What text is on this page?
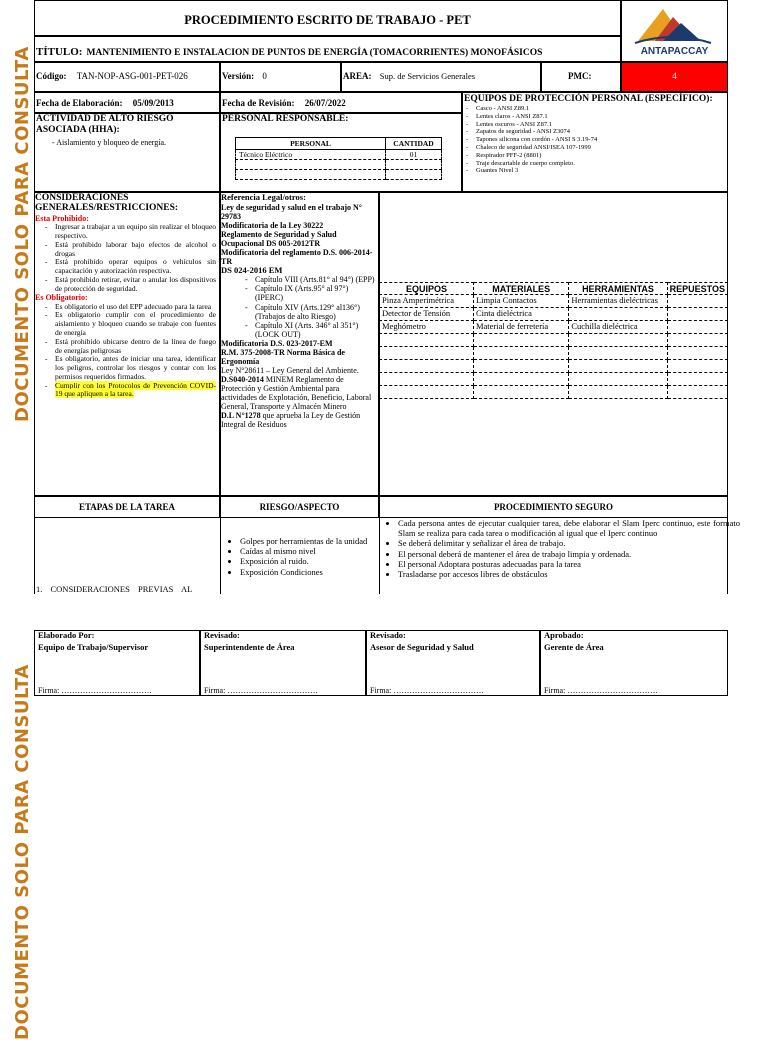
DOCUMENTO SOLO PARA CONSULTA
DOCUMENTO SOLO PARA CONSULTA
PROCEDIMIENTO ESCRITO DE TRABAJO - PET
TÍTULO: MANTENIMIENTO E INSTALACION DE PUNTOS DE ENERGÍA (TOMACORRIENTES) MONOFÁSICOS	ANTAPACCAY
Código: TAN-NOP-ASG-001-PET-026	Versión: 0	AREA: Sup. de Servicios Generales	PMC:	4
Fecha de Elaboración: 05/09/2013	Fecha de Revisión: 26/07/2022	EQUIPOS DE PROTECCIÓN PERSONAL (ESPECÍFICO):
- Casco - ANSI Z89.1
- Lentes claros - ANSI Z87.1
- Lentes oscuros - ANSI Z87.1
- Zapatos de seguridad - ANSI Z3074
- Tapones silicona con cordón - ANSI S 3.19-74
- Chaleco de seguridad ANSI/ISEA 107-1999
- Respirador PFF-2 (8801)
- Traje descartable de cuerpo completo.
- Guantes Nivel 3
ACTIVIDAD DE ALTO RIESGO ASOCIADA (HHA):
- Aislamiento y bloqueo de energía.
PERSONAL RESPONSABLE:
PERSONAL	CANTIDAD
Técnico Eléctrico	01

CONSIDERACIONES GENERALES/RESTRICCIONES:
Esta Prohibido:
- Ingresar a trabajar a un equipo sin realizar el bloqueo respectivo.
- Está prohibido laborar bajo efectos de alcohol o drogas
- Está prohibido operar equipos o vehículos sin capacitación y autorización respectiva.
- Está prohibido retirar, evitar o anular los dispositivos de protección de seguridad.
Es Obligatorio:
- Es obligatorio el uso del EPP adecuado para la tarea
- Es obligatorio cumplir con el procedimiento de aislamiento y bloqueo cuando se trabaje con fuentes de energía
- Está prohibido ubicarse dentro de la línea de fuego de energías peligrosas
- Es obligatorio, antes de iniciar una tarea, identificar los peligros, controlar los riesgos y contar con los permisos requeridos firmados.
- Cumplir con los Protocolos de Prevención COVID-19 que apliquen a la tarea.
Referencia Legal/otros:
Ley de seguridad y salud en el trabajo N° 29783
Modificatoria de la Ley 30222
Reglamento de Seguridad y Salud Ocupacional DS 005-2012TR
Modificatoria del reglamento D.S. 006-2014-TR
DS 024-2016 EM
- Capítulo VIII (Arts.81° al 94°) (EPP)
- Capítulo IX (Arts.95° al 97°) (IPERC)
- Capítulo XIV (Arts.129° al136°) (Trabajos de alto Riesgo)
- Capítulo XI (Arts. 346° al 351°) (LOCK OUT)
Modificatoria D.S. 023-2017-EM
R.M. 375-2008-TR Norma Básica de Ergonomía
Ley N°28611 – Ley General del Ambiente.
D.S040-2014 MINEM Reglamento de Protección y Gestión Ambiental para actividades de Explotación, Beneficio, Laboral General, Transporte y Almacén Minero
D.L N°1278 que aprueba la Ley de Gestión Integral de Residuos
EQUIPOS	MATERIALES	HERRAMIENTAS	REPUESTOS
Pinza Amperimétrica	Limpia Contactos	Herramientas dieléctricas	
Detector de Tensión	Cinta dieléctrica		
Meghómetro	Material de ferretería	Cuchilla dieléctrica	

ETAPAS DE LA TAREA	RIESGO/ASPECTO	PROCEDIMIENTO SEGURO
1. CONSIDERACIONES PREVIAS AL
• Golpes por herramientas de la unidad
• Caídas al mismo nivel
• Exposición al ruido.
• Exposición Condiciones
• Cada persona antes de ejecutar cualquier tarea, debe elaborar el Slam Iperc continuo, este formato Slam se realiza para cada tarea o modificación al igual que el Iperc continuo
• Se deberá delimitar y señalizar el área de trabajo.
• El personal deberá de mantener el área de trabajo limpia y ordenada.
• El personal Adoptara posturas adecuadas para la tarea
• Trasladarse por accesos libres de obstáculos
Elaborado Por:
Equipo de Trabajo/Supervisor
Firma: …………………………….
Revisado:
Superintendente de Área
Firma: …………………………….
Revisado:
Asesor de Seguridad y Salud
Firma: …………………………….
Aprobado:
Gerente de Área
Firma: …………………………….
